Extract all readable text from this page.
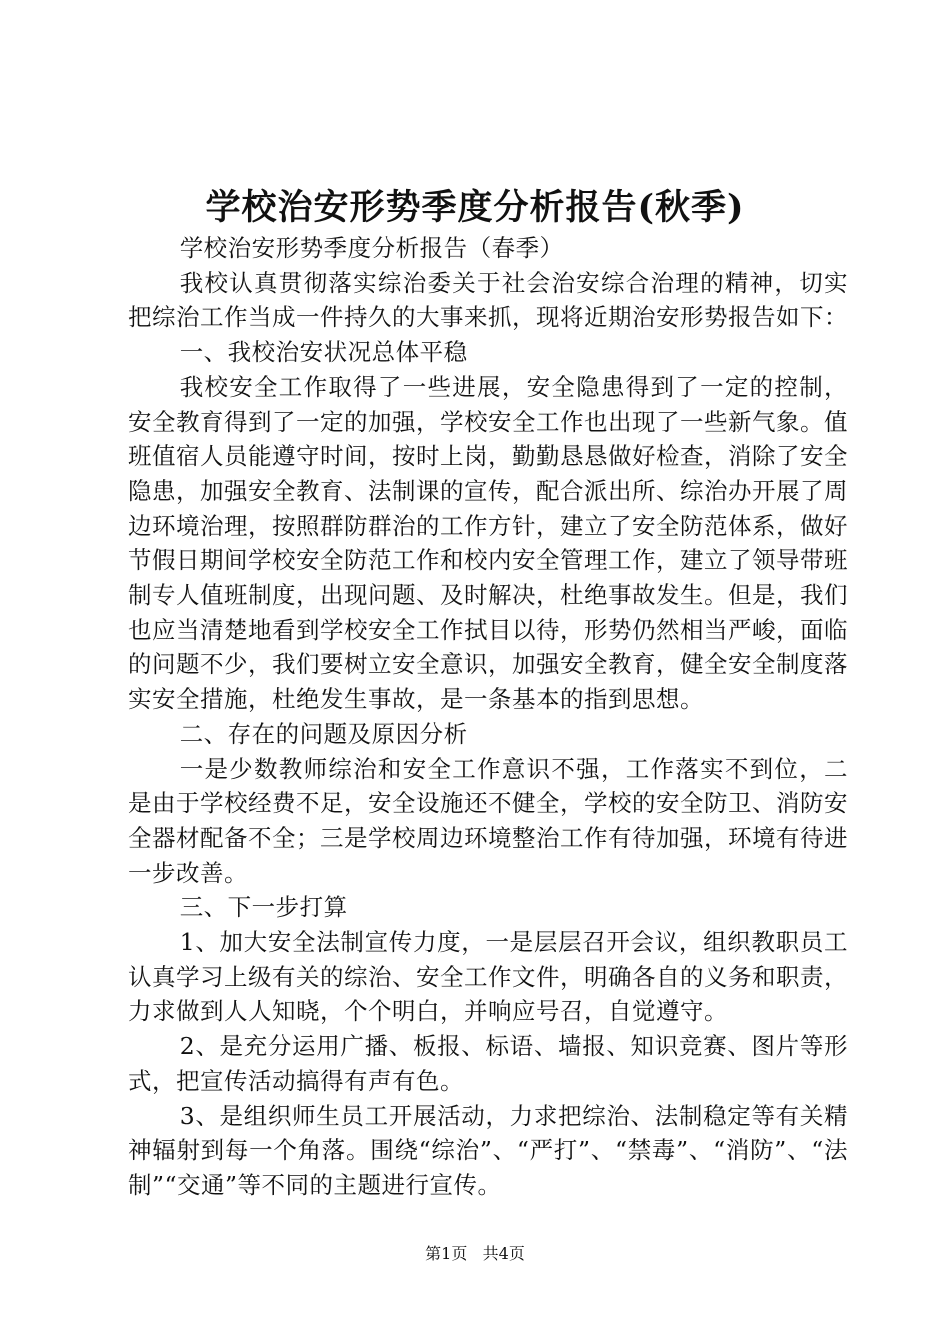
学校治安形势季度分析报告(秋季)

学校治安形势季度分析报告（春季）

我校认真贯彻落实综治委关于社会治安综合治理的精神，切实把综治工作当成一件持久的大事来抓，现将近期治安形势报告如下：

一、我校治安状况总体平稳

我校安全工作取得了一些进展，安全隐患得到了一定的控制，安全教育得到了一定的加强，学校安全工作也出现了一些新气象。值班值宿人员能遵守时间，按时上岗，勤勤恳恳做好检查，消除了安全隐患，加强安全教育、法制课的宣传，配合派出所、综治办开展了周边环境治理，按照群防群治的工作方针，建立了安全防范体系，做好节假日期间学校安全防范工作和校内安全管理工作，建立了领导带班制专人值班制度，出现问题、及时解决，杜绝事故发生。但是，我们也应当清楚地看到学校安全工作拭目以待，形势仍然相当严峻，面临的问题不少，我们要树立安全意识，加强安全教育，健全安全制度落实安全措施，杜绝发生事故，是一条基本的指到思想。

二、存在的问题及原因分析

一是少数教师综治和安全工作意识不强，工作落实不到位，二是由于学校经费不足，安全设施还不健全，学校的安全防卫、消防安全器材配备不全；三是学校周边环境整治工作有待加强，环境有待进一步改善。

三、下一步打算

1、加大安全法制宣传力度，一是层层召开会议，组织教职员工认真学习上级有关的综治、安全工作文件，明确各自的义务和职责，力求做到人人知晓，个个明白，并响应号召，自觉遵守。

2、是充分运用广播、板报、标语、墙报、知识竞赛、图片等形式，把宣传活动搞得有声有色。

3、是组织师生员工开展活动，力求把综治、法制稳定等有关精神辐射到每一个角落。围绕“综治”、“严打”、“禁毒”、“消防”、“法制”“交通”等不同的主题进行宣传。

第1页 共4页
